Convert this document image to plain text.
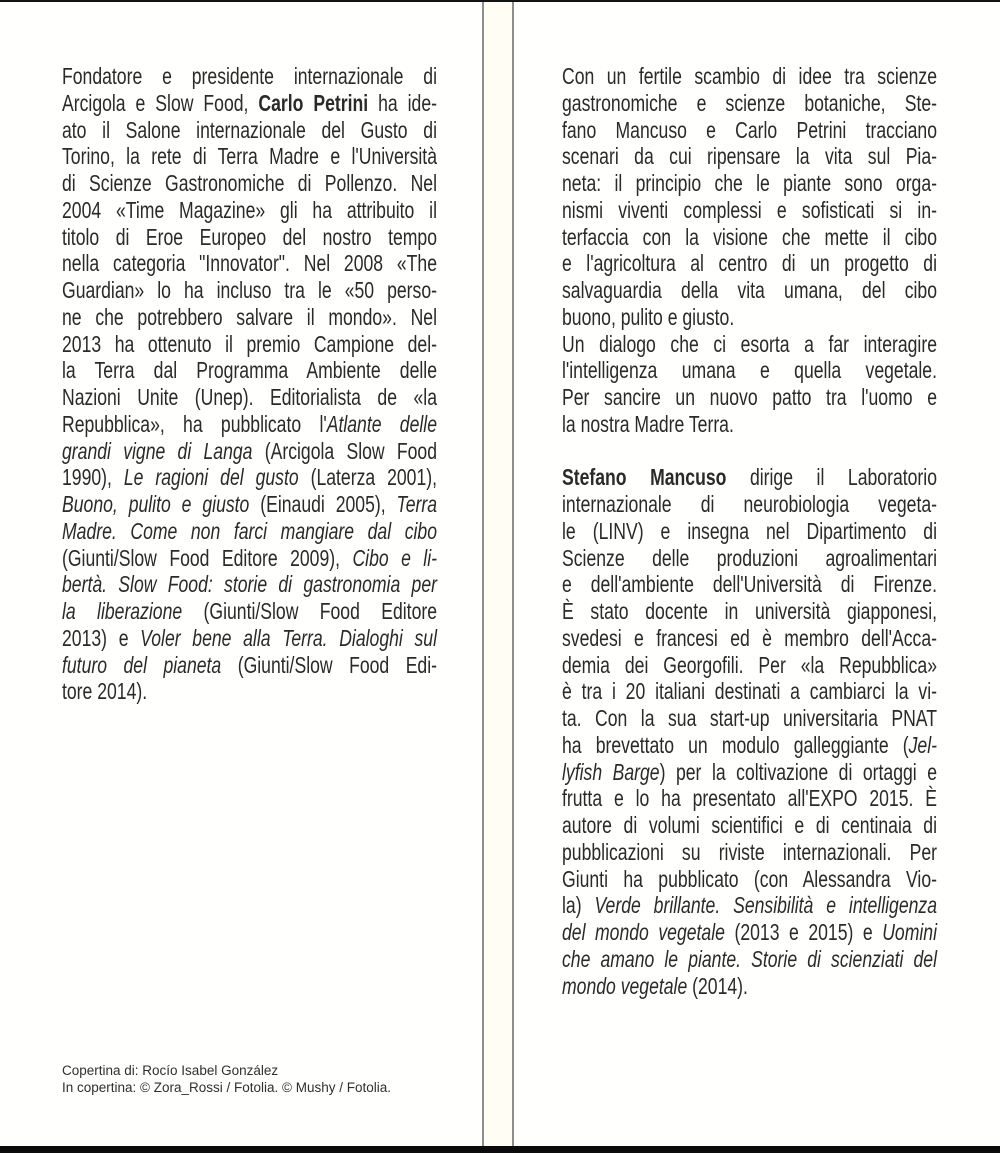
Fondatore e presidente internazionale di
Arcigola e Slow Food, Carlo Petrini ha ide-
ato il Salone internazionale del Gusto di
Torino, la rete di Terra Madre e l'Università
di Scienze Gastronomiche di Pollenzo. Nel
2004 «Time Magazine» gli ha attribuito il
titolo di Eroe Europeo del nostro tempo
nella categoria "Innovator". Nel 2008 «The
Guardian» lo ha incluso tra le «50 perso-
ne che potrebbero salvare il mondo». Nel
2013 ha ottenuto il premio Campione del-
la Terra dal Programma Ambiente delle
Nazioni Unite (Unep). Editorialista de «la
Repubblica», ha pubblicato l'Atlante delle
grandi vigne di Langa (Arcigola Slow Food
1990), Le ragioni del gusto (Laterza 2001),
Buono, pulito e giusto (Einaudi 2005), Terra
Madre. Come non farci mangiare dal cibo
(Giunti/Slow Food Editore 2009), Cibo e li-
bertà. Slow Food: storie di gastronomia per
la liberazione (Giunti/Slow Food Editore
2013) e Voler bene alla Terra. Dialoghi sul
futuro del pianeta (Giunti/Slow Food Edi-
tore 2014).
Con un fertile scambio di idee tra scienze
gastronomiche e scienze botaniche, Ste-
fano Mancuso e Carlo Petrini tracciano
scenari da cui ripensare la vita sul Pia-
neta: il principio che le piante sono orga-
nismi viventi complessi e sofisticati si in-
terfaccia con la visione che mette il cibo
e l'agricoltura al centro di un progetto di
salvaguardia della vita umana, del cibo
buono, pulito e giusto.
Un dialogo che ci esorta a far interagire
l'intelligenza umana e quella vegetale.
Per sancire un nuovo patto tra l'uomo e
la nostra Madre Terra.
Stefano Mancuso dirige il Laboratorio
internazionale di neurobiologia vegeta-
le (LINV) e insegna nel Dipartimento di
Scienze delle produzioni agroalimentari
e dell'ambiente dell'Università di Firenze.
È stato docente in università giapponesi,
svedesi e francesi ed è membro dell'Acca-
demia dei Georgofili. Per «la Repubblica»
è tra i 20 italiani destinati a cambiarci la vi-
ta. Con la sua start-up universitaria PNAT
ha brevettato un modulo galleggiante (Jel-
lyfish Barge) per la coltivazione di ortaggi e
frutta e lo ha presentato all'EXPO 2015. È
autore di volumi scientifici e di centinaia di
pubblicazioni su riviste internazionali. Per
Giunti ha pubblicato (con Alessandra Vio-
la) Verde brillante. Sensibilità e intelligenza
del mondo vegetale (2013 e 2015) e Uomini
che amano le piante. Storie di scienziati del
mondo vegetale (2014).
Copertina di: Rocío Isabel González
In copertina: © Zora_Rossi / Fotolia. © Mushy / Fotolia.
